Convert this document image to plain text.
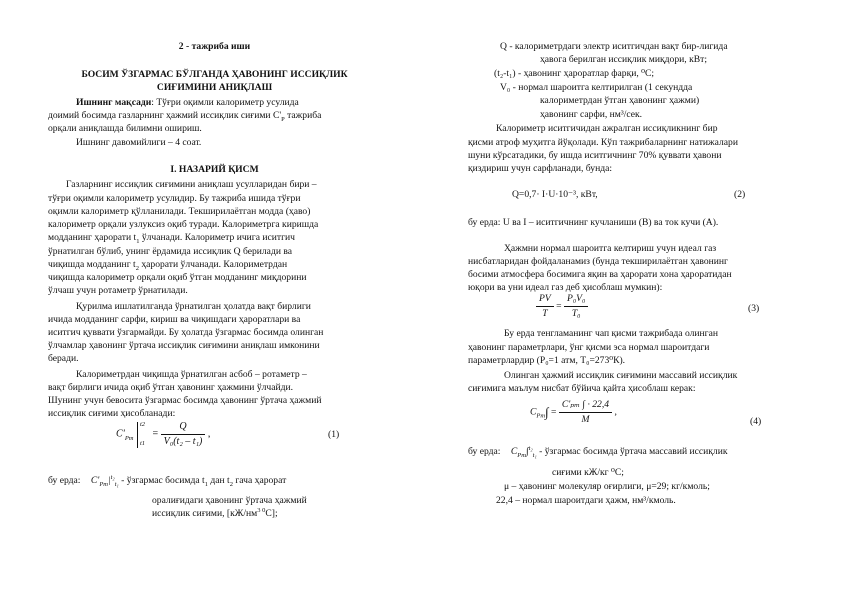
2 - тажриба иши
БОСИМ ЎЗГАРМАС БЎЛГАНДА ҲАВОНИНГ ИССИҚЛИК
СИҒИМИНИ АНИҚЛАШ
Ишнинг мақсади: Тўғри оқимли калориметр усулида
доимий босимда газларнинг ҳажмий иссиқлик сиғими $С'_P$ тажриба
орқали аниқлашда билимни ошириш.
Ишнинг давомийлиги – 4 соат.
I. НАЗАРИЙ ҚИСМ
Газларнинг иссиқлик сиғимини аниқлаш усулларидан бири –
тўғри оқимли калориметр усулидир. Бу тажриба ишида тўғри
оқимли калориметр қўлланилади. Текширилаётган модда (ҳаво)
калориметр орқали узлуксиз оқиб туради. Калориметрга киришда
модданинг ҳарорати $t_1$ ўлчанади. Калориметр ичига иситгич
ўрнатилган бўлиб, унинг ёрдамида иссиқлик Q берилади ва
чиқишда модданинг $t_2$ ҳарорати ўлчанади. Калориметрдан
чиқишда калориметр орқали оқиб ўтган модданинг миқдорини
ўлчаш учун ротаметр ўрнатилади.
Қурилма ишлатилганда ўрнатилган ҳолатда вақт бирлиги
ичида модданинг сарфи, кириш ва чиқишдаги ҳароратлари ва
иситгич қуввати ўзгармайди. Бу ҳолатда ўзгармас босимда олинган
ўлчамлар ҳавонинг ўртача иссиқлик сиғимини аниқлаш имконини
беради.
Калориметрдан чиқишда ўрнатилган асбоб – ротаметр –
вақт бирлиги ичида оқиб ўтган ҳавонинг ҳажмини ўлчайди.
Шунинг учун бевосита ўзгармас босимда ҳавонинг ўртача ҳажмий
иссиқлик сиғими ҳисобланади:
$C'_{Pm}$
t2
t1
= $\frac{Q}{\text{V₀(t₂ – t₁)}}$ ,	(1)
бу ерда: $C'_{Pm}|^{t_2}_{t_1}$ - ўзгармас босимда $t_1$ дан $t_2$ гача ҳарорат
оралиғидаги ҳавонинг ўртача ҳажмий
иссиқлик сиғими, $[кЖ/нм^{3 0}С]$;
Q - калориметрдаги электр иситгичдан вақт бир-лигида
ҳавога берилган иссиқлик миқдори, кВт;
(t₂-t₁) - ҳавонинг ҳароратлар фарқи, ⁰С;
V₀ - нормал шароитга келтирилган (1 секундда
калориметрдан ўтган ҳавонинг ҳажми)
ҳавонинг сарфи, нм³/сек.
Калориметр иситгичидан ажралган иссиқликнинг бир
қисми атроф муҳитга йўқолади. Кўп тажрибаларнинг натижалари
шуни кўрсатадики, бу ишда иситгичнинг 70% қуввати ҳавони
қиздириш учун сарфланади, бунда:
Q=0,7· I·U·10⁻³, кВт,	(2)
бу ерда: U ва I – иситгичнинг кучланиши (В) ва ток кучи (А).
Ҳажмни нормал шароитга келтириш учун идеал газ
нисбатларидан фойдаланамиз (бунда текширилаётган ҳавонинг
босими атмосфера босимига яқин ва ҳарорати хона ҳароратидан
юқори ва уни идеал газ деб ҳисоблаш мумкин):
$\frac{PV}{T} = \frac{\text{P₀V₀}}{\text{T₀}}$	(3)
Бу ерда тенгламанинг чап қисми тажрибада олинган
ҳавонинг параметрлари, ўнг қисми эса нормал шароитдаги
параметрлардир (P₀=1 атм, T₀=273⁰К).
Олинган ҳажмий иссиқлик сиғимини массавий иссиқлик
сиғимига маълум нисбат бўйича қайта ҳисоблаш керак:
$C_{Pm}\int = \frac{\text{C'ₚₘ ∫ · 22,4}}{M}$ ,
(4)
бу ерда: $C_{Pm}\int^{t_2}_{t_1}$ - ўзгармас босимда ўртача массавий иссиқлик
сиғими кЖ/кг ⁰С;
μ – ҳавонинг молекуляр оғирлиги, μ=29; кг/кмоль;
22,4 – нормал шароитдаги ҳажм, нм³/кмоль.
